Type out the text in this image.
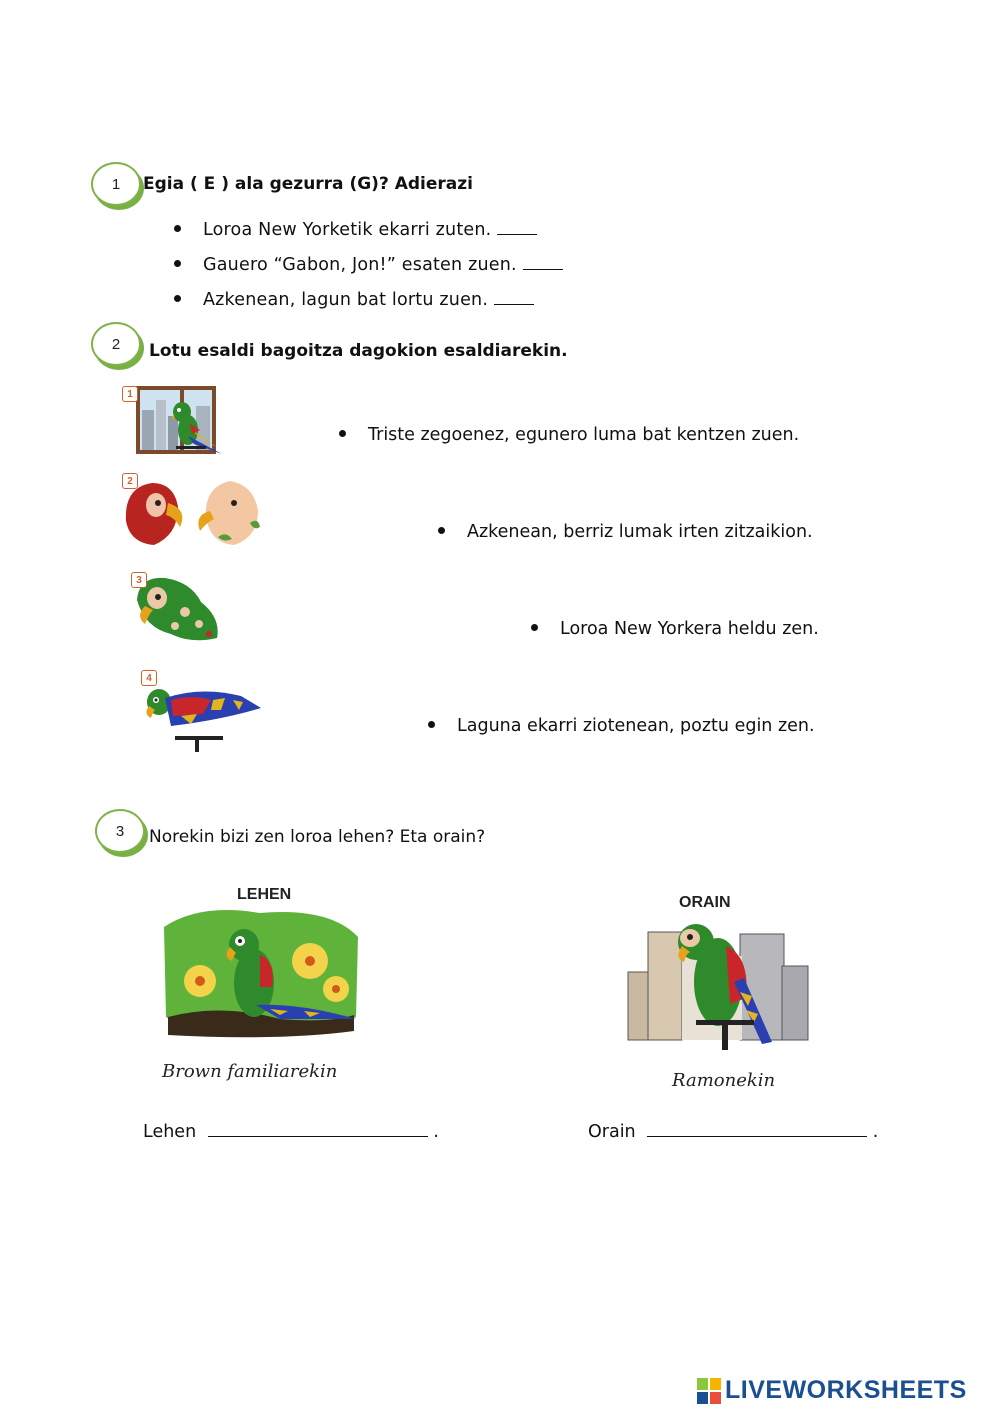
1 Egia ( E ) ala gezurra (G)? Adierazi
Loroa New Yorketik ekarri zuten.
Gauero “Gabon, Jon!” esaten zuen.
Azkenean, lagun bat lortu zuen.
2 Lotu esaldi bagoitza dagokion esaldiarekin.
1
2
3
4
Triste zegoenez, egunero luma bat kentzen zuen.
Azkenean, berriz lumak irten zitzaikion.
Loroa New Yorkera heldu zen.
Laguna ekarri ziotenean, poztu egin zen.
3 Norekin bizi zen loroa lehen? Eta orain?
LEHEN
Brown familiarekin
ORAIN
Ramonekin
Lehen	.	Orain	.
LIVEWORKSHEETS
